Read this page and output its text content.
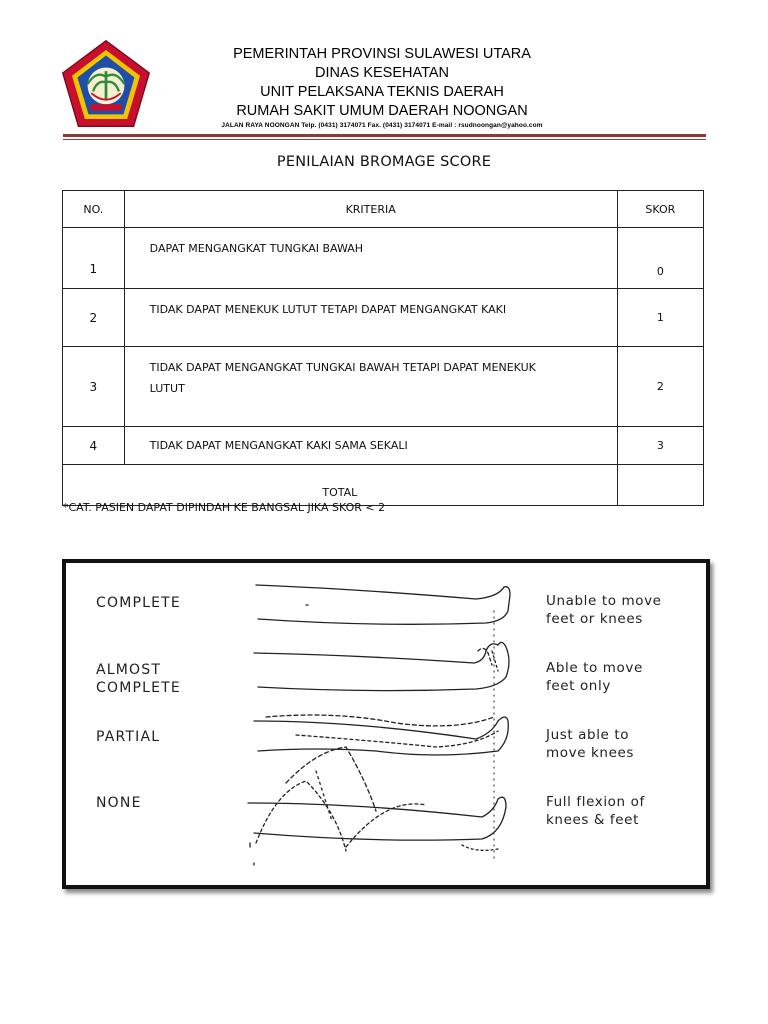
PEMERINTAH PROVINSI SULAWESI UTARA
DINAS KESEHATAN
UNIT PELAKSANA TEKNIS DAERAH
RUMAH SAKIT UMUM DAERAH NOONGAN
JALAN RAYA NOONGAN Telp. (0431) 3174071 Fax. (0431) 3174071 E-mail : rsudnoongan@yahoo.com
PENILAIAN BROMAGE SCORE
NO.	KRITERIA	SKOR
1	DAPAT MENGANGKAT TUNGKAI BAWAH	0
2	TIDAK DAPAT MENEKUK LUTUT TETAPI DAPAT MENGANGKAT KAKI	1
3	TIDAK DAPAT MENGANGKAT TUNGKAI BAWAH TETAPI DAPAT MENEKUK LUTUT	2
4	TIDAK DAPAT MENGANGKAT KAKI SAMA SEKALI	3
TOTAL		
*CAT. PASIEN DAPAT DIPINDAH KE BANGSAL JIKA SKOR < 2
COMPLETE
ALMOST
COMPLETE
PARTIAL
NONE
Unable to move
feet or knees
Able to move
feet only
Just able to
move knees
Full flexion of
knees & feet
